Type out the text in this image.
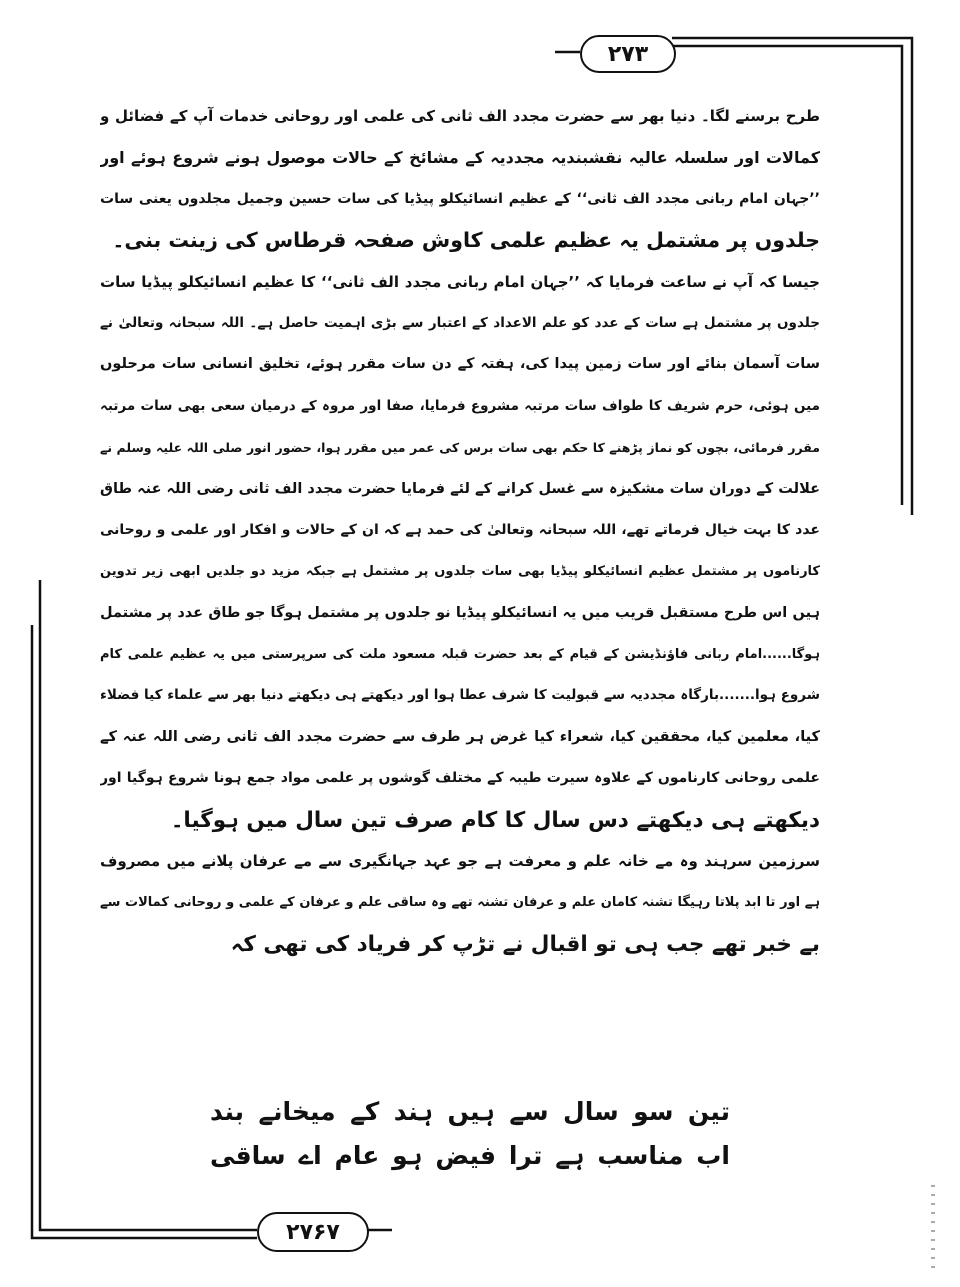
۲۷۳
طرح برسنے لگا۔ دنیا بھر سے حضرت مجدد الف ثانی کی علمی اور روحانی خدمات آپ کے فضائل و
کمالات اور سلسلہ عالیہ نقشبندیہ مجددیہ کے مشائخ کے حالات موصول ہونے شروع ہوئے اور
’’جہان امام ربانی مجدد الف ثانی‘‘ کے عظیم انسائیکلو پیڈیا کی سات حسین وجمیل مجلدوں یعنی سات
جلدوں پر مشتمل یہ عظیم علمی کاوش صفحہ قرطاس کی زینت بنی۔
جیسا کہ آپ نے ساعت فرمایا کہ ’’جہان امام ربانی مجدد الف ثانی‘‘ کا عظیم انسائیکلو پیڈیا سات
جلدوں پر مشتمل ہے سات کے عدد کو علم الاعداد کے اعتبار سے بڑی اہمیت حاصل ہے۔ اللہ سبحانہ وتعالیٰ نے
سات آسمان بنائے اور سات زمین پیدا کی، ہفتہ کے دن سات مقرر ہوئے، تخلیق انسانی سات مرحلوں
میں ہوئی، حرم شریف کا طواف سات مرتبہ مشروع فرمایا، صفا اور مروہ کے درمیان سعی بھی سات مرتبہ
مقرر فرمائی، بچوں کو نماز پڑھنے کا حکم بھی سات برس کی عمر میں مقرر ہوا، حضور انور صلی اللہ علیہ وسلم نے
علالت کے دوران سات مشکیزہ سے غسل کرانے کے لئے فرمایا حضرت مجدد الف ثانی رضی اللہ عنہ طاق
عدد کا بہت خیال فرماتے تھے، اللہ سبحانہ وتعالیٰ کی حمد ہے کہ ان کے حالات و افکار اور علمی و روحانی
کارناموں پر مشتمل عظیم انسائیکلو پیڈیا بھی سات جلدوں پر مشتمل ہے جبکہ مزید دو جلدیں ابھی زیر تدوین
ہیں اس طرح مستقبل قریب میں یہ انسائیکلو پیڈیا نو جلدوں پر مشتمل ہوگا جو طاق عدد پر مشتمل
ہوگا......امام ربانی فاؤنڈیشن کے قیام کے بعد حضرت قبلہ مسعود ملت کی سرپرستی میں یہ عظیم علمی کام
شروع ہوا.......بارگاہ مجددیہ سے قبولیت کا شرف عطا ہوا اور دیکھتے ہی دیکھتے دنیا بھر سے علماء کیا فضلاء
کیا، معلمین کیا، محققین کیا، شعراء کیا غرض ہر طرف سے حضرت مجدد الف ثانی رضی اللہ عنہ کے
علمی روحانی کارناموں کے علاوہ سیرت طیبہ کے مختلف گوشوں پر علمی مواد جمع ہونا شروع ہوگیا اور
دیکھتے ہی دیکھتے دس سال کا کام صرف تین سال میں ہوگیا۔
سرزمین سرہند وہ مے خانہ علم و معرفت ہے جو عہد جہانگیری سے مے عرفان پلانے میں مصروف
ہے اور تا ابد پلاتا رہیگا تشنہ کامان علم و عرفان تشنہ تھے وہ ساقی علم و عرفان کے علمی و روحانی کمالات سے
بے خبر تھے جب ہی تو اقبال نے تڑپ کر فریاد کی تھی کہ
تین سو سال سے ہیں ہند کے میخانے بند
اب مناسب ہے ترا فیض ہو عام اے ساقی
۲۷۶۷
